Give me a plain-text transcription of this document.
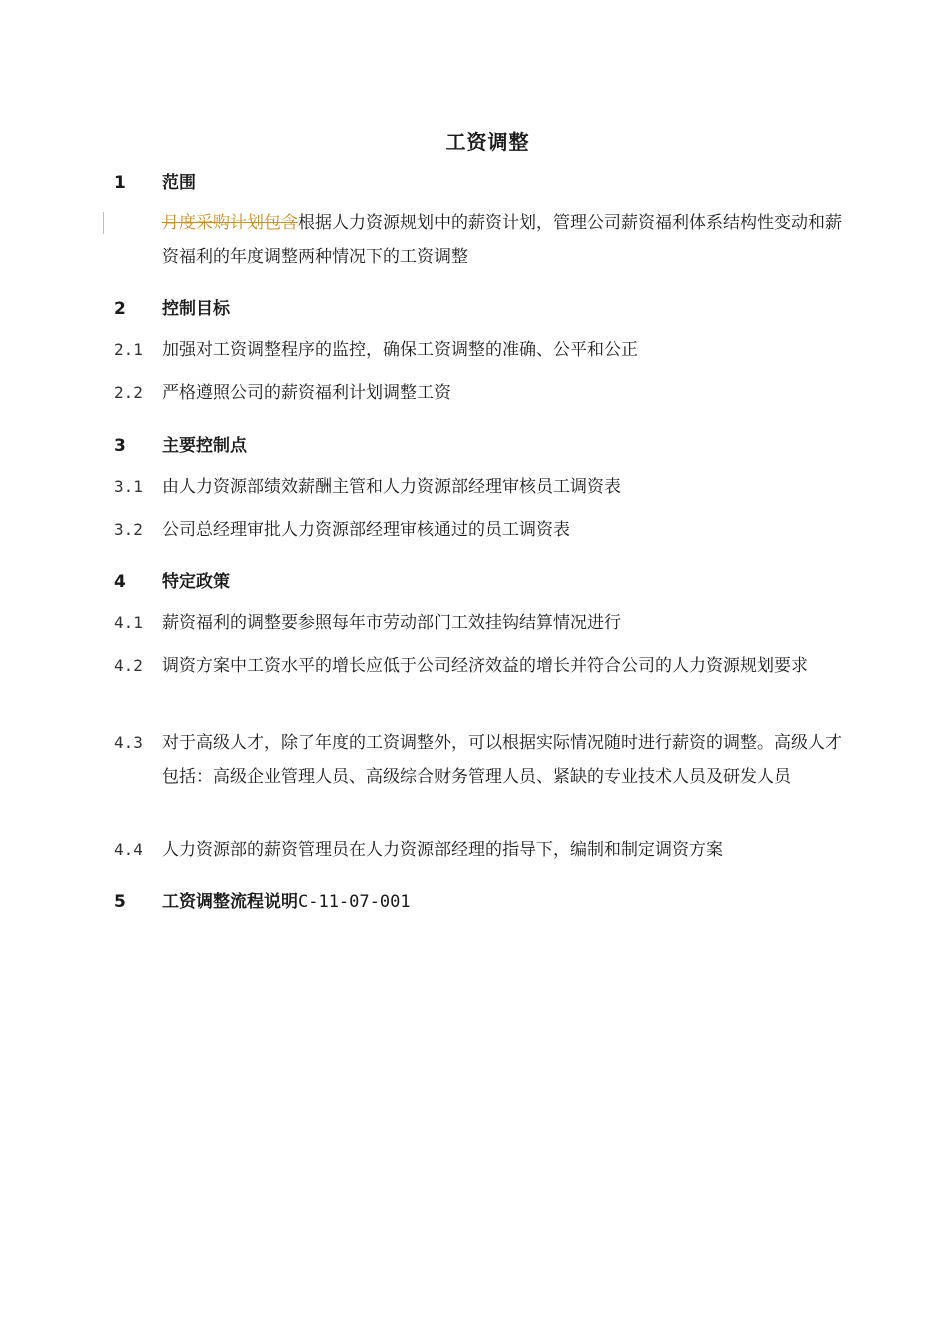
工资调整
1	范围
月度采购计划包含根据人力资源规划中的薪资计划，管理公司薪资福利体系结构性变动和薪资福利的年度调整两种情况下的工资调整
2	控制目标
2.1	加强对工资调整程序的监控，确保工资调整的准确、公平和公正
2.2	严格遵照公司的薪资福利计划调整工资
3	主要控制点
3.1	由人力资源部绩效薪酬主管和人力资源部经理审核员工调资表
3.2	公司总经理审批人力资源部经理审核通过的员工调资表
4	特定政策
4.1	薪资福利的调整要参照每年市劳动部门工效挂钩结算情况进行
4.2	调资方案中工资水平的增长应低于公司经济效益的增长并符合公司的人力资源规划要求
4.3	对于高级人才，除了年度的工资调整外，可以根据实际情况随时进行薪资的调整。高级人才包括：高级企业管理人员、高级综合财务管理人员、紧缺的专业技术人员及研发人员
4.4	人力资源部的薪资管理员在人力资源部经理的指导下，编制和制定调资方案
5	工资调整流程说明C-11-07-001
